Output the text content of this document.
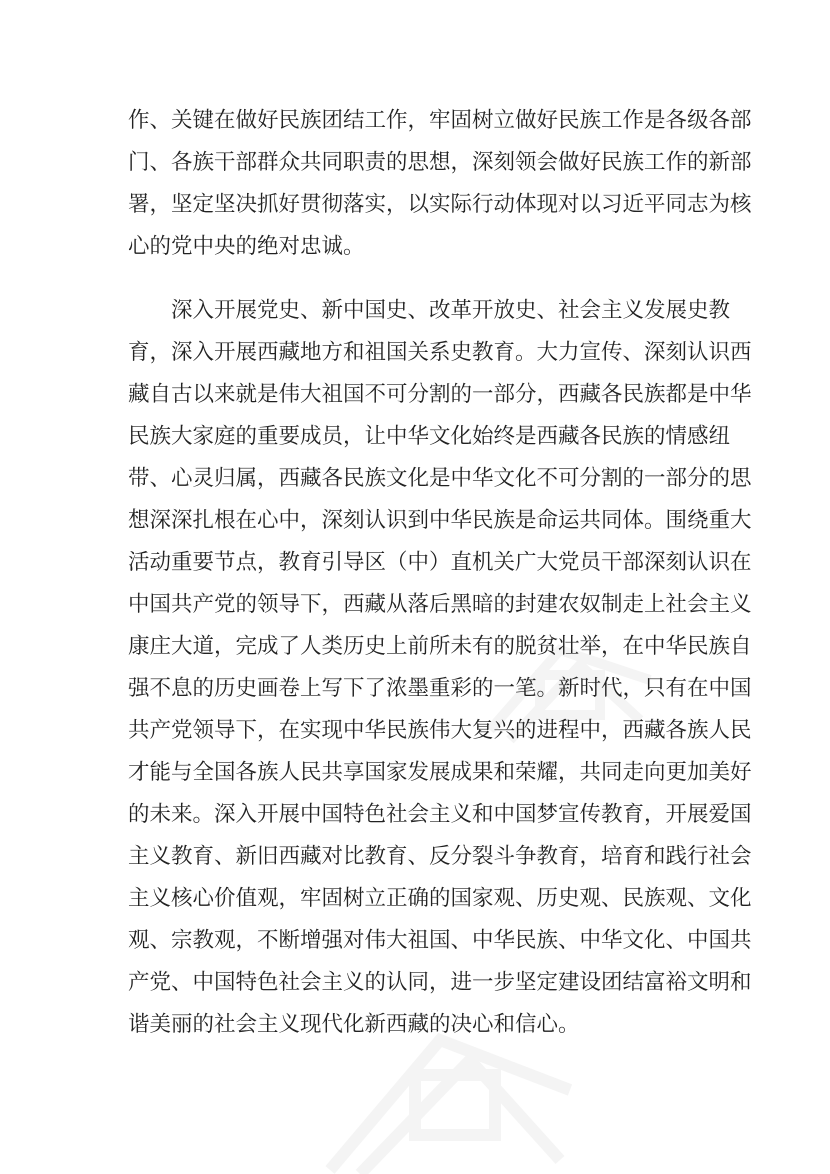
作、关键在做好民族团结工作，牢固树立做好民族工作是各级各部
门、各族干部群众共同职责的思想，深刻领会做好民族工作的新部
署，坚定坚决抓好贯彻落实，以实际行动体现对以习近平同志为核
心的党中央的绝对忠诚。
深入开展党史、新中国史、改革开放史、社会主义发展史教
育，深入开展西藏地方和祖国关系史教育。大力宣传、深刻认识西
藏自古以来就是伟大祖国不可分割的一部分，西藏各民族都是中华
民族大家庭的重要成员，让中华文化始终是西藏各民族的情感纽
带、心灵归属，西藏各民族文化是中华文化不可分割的一部分的思
想深深扎根在心中，深刻认识到中华民族是命运共同体。围绕重大
活动重要节点，教育引导区（中）直机关广大党员干部深刻认识在
中国共产党的领导下，西藏从落后黑暗的封建农奴制走上社会主义
康庄大道，完成了人类历史上前所未有的脱贫壮举，在中华民族自
强不息的历史画卷上写下了浓墨重彩的一笔。新时代，只有在中国
共产党领导下，在实现中华民族伟大复兴的进程中，西藏各族人民
才能与全国各族人民共享国家发展成果和荣耀，共同走向更加美好
的未来。深入开展中国特色社会主义和中国梦宣传教育，开展爱国
主义教育、新旧西藏对比教育、反分裂斗争教育，培育和践行社会
主义核心价值观，牢固树立正确的国家观、历史观、民族观、文化
观、宗教观，不断增强对伟大祖国、中华民族、中华文化、中国共
产党、中国特色社会主义的认同，进一步坚定建设团结富裕文明和
谐美丽的社会主义现代化新西藏的决心和信心。
